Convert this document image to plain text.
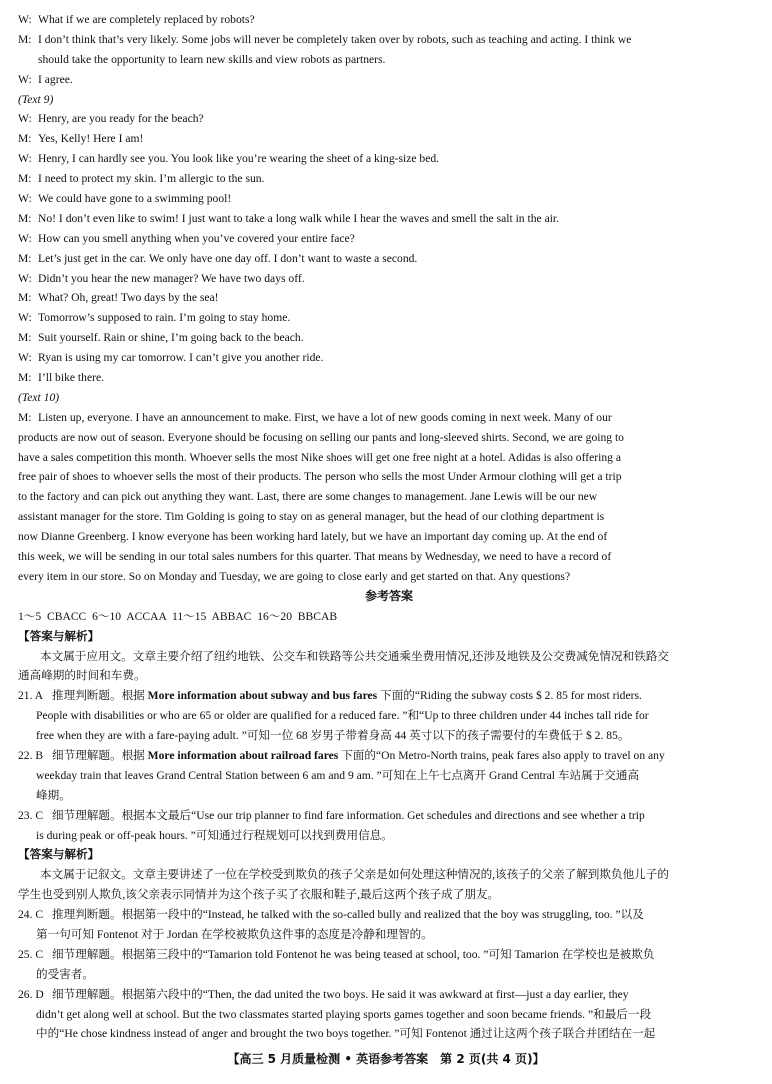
W: What if we are completely replaced by robots?
M: I don’t think that’s very likely. Some jobs will never be completely taken over by robots, such as teaching and acting. I think we
should take the opportunity to learn new skills and view robots as partners.
W: I agree.
(Text 9)
W: Henry, are you ready for the beach?
M: Yes, Kelly! Here I am!
W: Henry, I can hardly see you. You look like you’re wearing the sheet of a king-size bed.
M: I need to protect my skin. I’m allergic to the sun.
W: We could have gone to a swimming pool!
M: No! I don’t even like to swim! I just want to take a long walk while I hear the waves and smell the salt in the air.
W: How can you smell anything when you’ve covered your entire face?
M: Let’s just get in the car. We only have one day off. I don’t want to waste a second.
W: Didn’t you hear the new manager? We have two days off.
M: What? Oh, great! Two days by the sea!
W: Tomorrow’s supposed to rain. I’m going to stay home.
M: Suit yourself. Rain or shine, I’m going back to the beach.
W: Ryan is using my car tomorrow. I can’t give you another ride.
M: I’ll bike there.
(Text 10)
M: Listen up, everyone. I have an announcement to make. First, we have a lot of new goods coming in next week. Many of our
products are now out of season. Everyone should be focusing on selling our pants and long-sleeved shirts. Second, we are going to
have a sales competition this month. Whoever sells the most Nike shoes will get one free night at a hotel. Adidas is also offering a
free pair of shoes to whoever sells the most of their products. The person who sells the most Under Armour clothing will get a trip
to the factory and can pick out anything they want. Last, there are some changes to management. Jane Lewis will be our new
assistant manager for the store. Tim Golding is going to stay on as general manager, but the head of our clothing department is
now Dianne Greenberg. I know everyone has been working hard lately, but we have an important day coming up. At the end of
this week, we will be sending in our total sales numbers for this quarter. That means by Wednesday, we need to have a record of
every item in our store. So on Monday and Tuesday, we are going to close early and get started on that. Any questions?
参考答案
1～5  CBACC  6～10  ACCAA  11～15  ABBAC  16～20  BBCAB
【答案与解析】
本文属于应用文。文章主要介绍了纽约地铁、公交车和铁路等公共交通乘坐费用情况,还涉及地铁及公交费减免情况和铁路交
通高峰期的时间和车费。
21. A 推理判断题。根据 More information about subway and bus fares 下面的“Riding the subway costs $ 2. 85 for most riders.
People with disabilities or who are 65 or older are qualified for a reduced fare. ”和“Up to three children under 44 inches tall ride for
free when they are with a fare-paying adult. ”可知一位 68 岁男子带着身高 44 英寸以下的孩子需要付的车费低于 $ 2. 85。
22. B 细节理解题。根据 More information about railroad fares 下面的“On Metro-North trains, peak fares also apply to travel on any
weekday train that leaves Grand Central Station between 6 am and 9 am. ”可知在上午七点离开 Grand Central 车站属于交通高
峰期。
23. C 细节理解题。根据本文最后“Use our trip planner to find fare information. Get schedules and directions and see whether a trip
is during peak or off-peak hours. ”可知通过行程规划可以找到费用信息。
【答案与解析】
本文属于记叙文。文章主要讲述了一位在学校受到欺负的孩子父亲是如何处理这种情况的,该孩子的父亲了解到欺负他儿子的
学生也受到别人欺负,该父亲表示同情并为这个孩子买了衣服和鞋子,最后这两个孩子成了朋友。
24. C 推理判断题。根据第一段中的“Instead, he talked with the so-called bully and realized that the boy was struggling, too. ”以及
第一句可知 Fontenot 对于 Jordan 在学校被欺负这件事的态度是冷静和理智的。
25. C 细节理解题。根据第三段中的“Tamarion told Fontenot he was being teased at school, too. ”可知 Tamarion 在学校也是被欺负
的受害者。
26. D 细节理解题。根据第六段中的“Then, the dad united the two boys. He said it was awkward at first—just a day earlier, they
didn’t get along well at school. But the two classmates started playing sports games together and soon became friends. ”和最后一段
中的“He chose kindness instead of anger and brought the two boys together. ”可知 Fontenot 通过让这两个孩子联合并团结在一起
【高三 5 月质量检测 • 英语参考答案　第 2 页(共 4 页)】
